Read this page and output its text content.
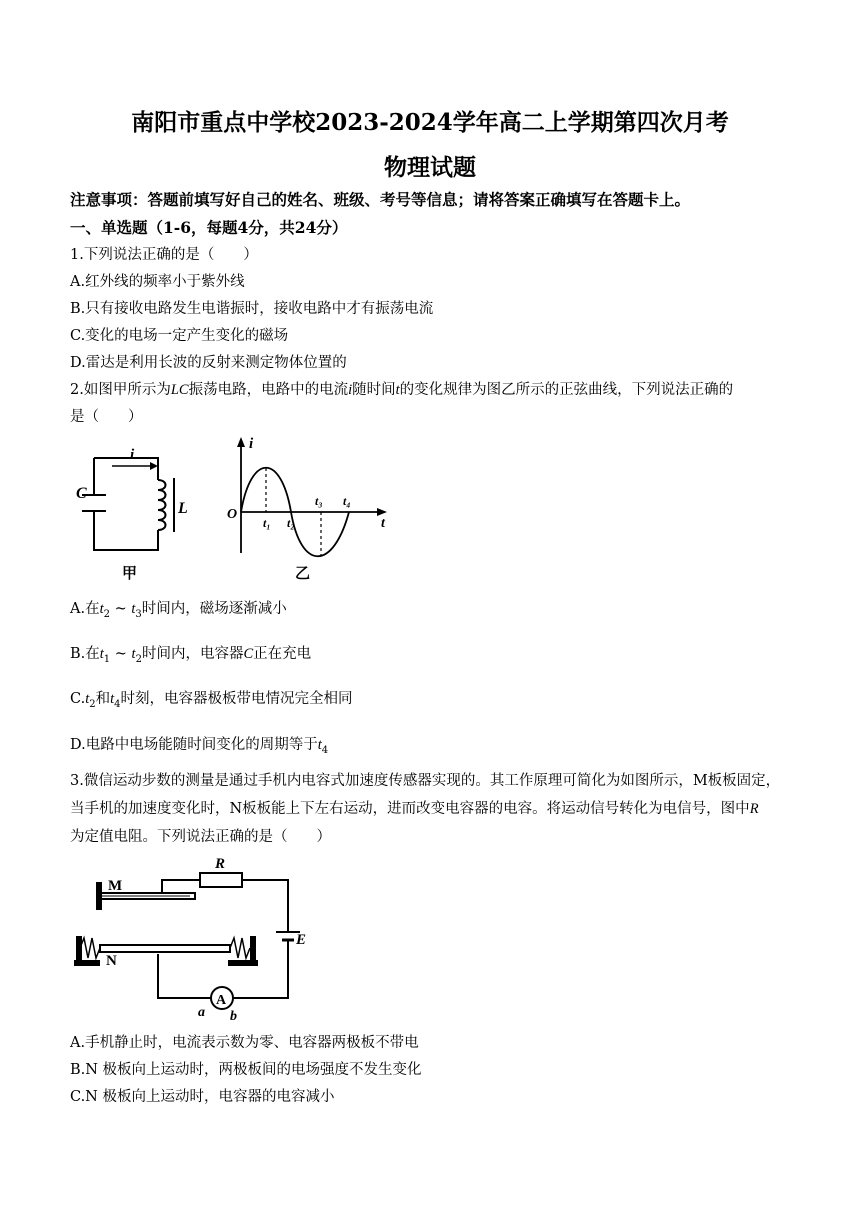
南阳市重点中学校2023-2024学年高二上学期第四次月考
物理试题
注意事项：答题前填写好自己的姓名、班级、考号等信息；请将答案正确填写在答题卡上。
一、单选题（1-6，每题4分，共24分）
1.下列说法正确的是（　　）
A.红外线的频率小于紫外线
B.只有接收电路发生电谐振时，接收电路中才有振荡电流
C.变化的电场一定产生变化的磁场
D.雷达是利用长波的反射来测定物体位置的
2.如图甲所示为LC振荡电路，电路中的电流i随时间t的变化规律为图乙所示的正弦曲线，下列说法正确的
是（　　）
i
C
L
甲
i
O
t
t₁ t₂
t₃ t₄
乙
A.在$t_2$ ~ $t_3$时间内，磁场逐渐减小
B.在$t_1$ ~ $t_2$时间内，电容器C正在充电
$C.t_2$和$t_4$时刻，电容器极板带电情况完全相同
D.电路中电场能随时间变化的周期等于$t_4$
3.微信运动步数的测量是通过手机内电容式加速度传感器实现的。其工作原理可简化为如图所示，M板板固定，
当手机的加速度变化时，N板板能上下左右运动，进而改变电容器的电容。将运动信号转化为电信号，图中R
为定值电阻。下列说法正确的是（　　）
M
N
R
E
A
a b
A.手机静止时，电流表示数为零、电容器两极板不带电
B.N 极板向上运动时，两极板间的电场强度不发生变化
C.N 极板向上运动时，电容器的电容减小
